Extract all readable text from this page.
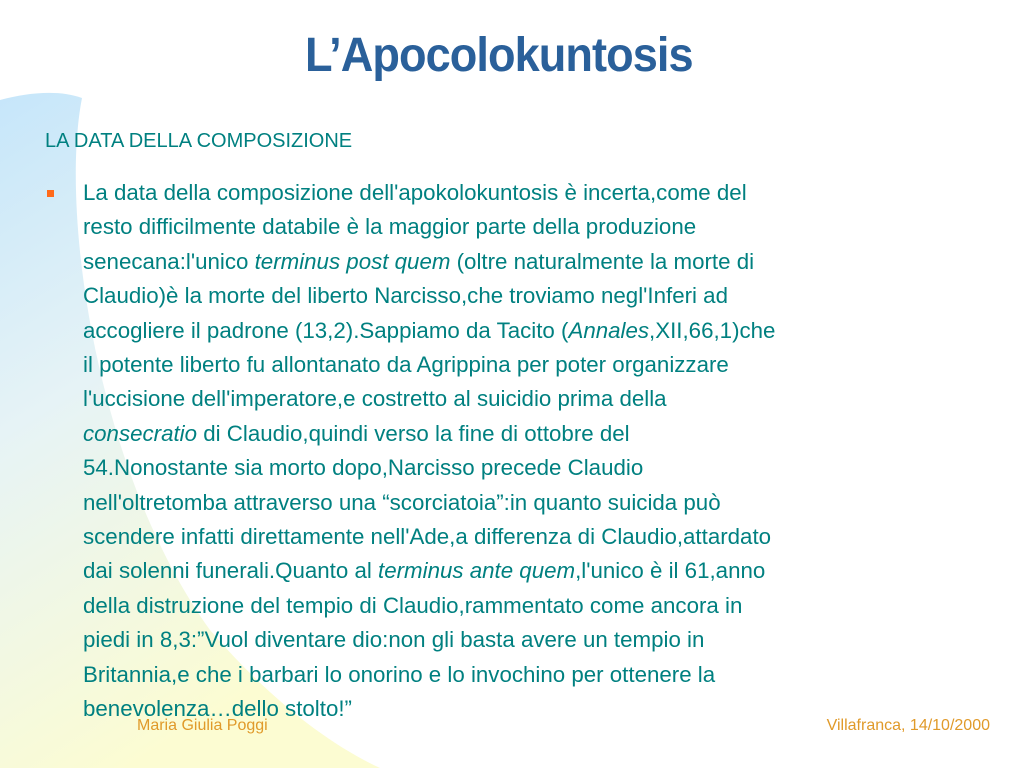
L’Apocolokuntosis
LA DATA DELLA COMPOSIZIONE
La data della composizione dell'apokolokuntosis è incerta,come del
resto difficilmente databile è la maggior parte della produzione
senecana:l'unico terminus post quem (oltre naturalmente la morte di
Claudio)è la morte del liberto Narcisso,che troviamo negl'Inferi ad
accogliere il padrone (13,2).Sappiamo da Tacito (Annales,XII,66,1)che
il potente liberto fu allontanato da Agrippina per poter organizzare
l'uccisione dell'imperatore,e costretto al suicidio prima della
consecratio di Claudio,quindi verso la fine di ottobre del
54.Nonostante sia morto dopo,Narcisso precede Claudio
nell'oltretomba attraverso una “scorciatoia”:in quanto suicida può
scendere infatti direttamente nell'Ade,a differenza di Claudio,attardato
dai solenni funerali.Quanto al terminus ante quem,l'unico è il 61,anno
della distruzione del tempio di Claudio,rammentato come ancora in
piedi in 8,3:”Vuol diventare dio:non gli basta avere un tempio in
Britannia,e che i barbari lo onorino e lo invochino per ottenere la
benevolenza…dello stolto!”
Maria Giulia Poggi	Villafranca, 14/10/2000
